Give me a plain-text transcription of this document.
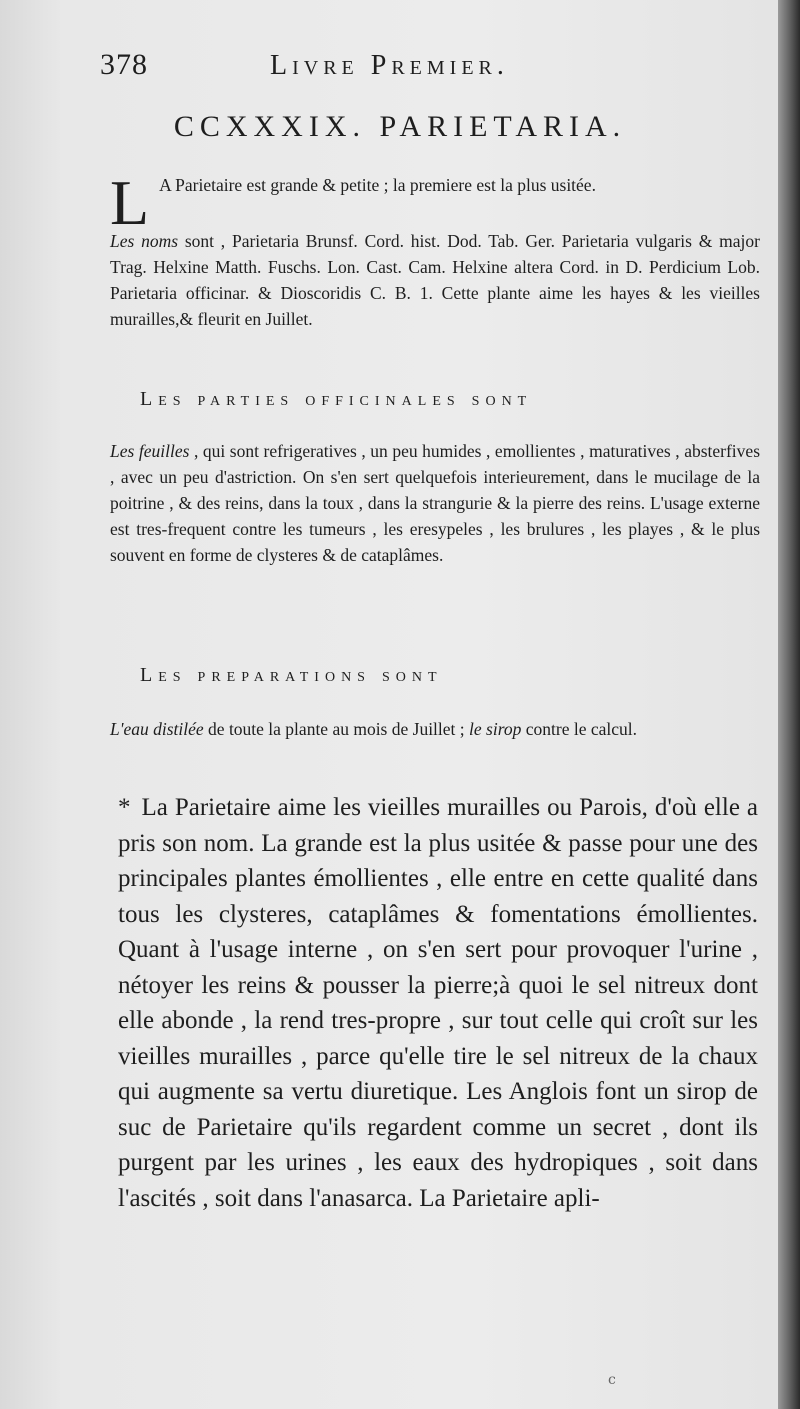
378	Livre Premier.
CCXXXIX. PARIETARIA.
L A Parietaire est grande & petite ; la premiere est la plus usitée.
Les noms sont , Parietaria Brunsf. Cord. hist. Dod. Tab. Ger. Parietaria vulgaris & major Trag. Helxine Matth. Fuschs. Lon. Cast. Cam. Helxine altera Cord. in D. Perdicium Lob. Parietaria officinar. & Dioscoridis C. B. 1. Cette plante aime les hayes & les vieilles murailles,& fleurit en Juillet.
Les parties officinales sont
Les feuilles , qui sont refrigeratives , un peu humides , emollientes , maturatives , absterfives , avec un peu d'astriction. On s'en sert quelquefois interieurement, dans le mucilage de la poitrine , & des reins, dans la toux , dans la strangurie & la pierre des reins. L'usage externe est tres-frequent contre les tumeurs , les eresypeles , les brulures , les playes , & le plus souvent en forme de clysteres & de cataplâmes.
Les preparations sont
L'eau distilée de toute la plante au mois de Juillet ; le sirop contre le calcul.
* La Parietaire aime les vieilles murailles ou Parois, d'où elle a pris son nom. La grande est la plus usitée & passe pour une des principales plantes émollientes , elle entre en cette qualité dans tous les clysteres, cataplâmes & fomentations émollientes. Quant à l'usage interne , on s'en sert pour provoquer l'urine , nétoyer les reins & pousser la pierre;à quoi le sel nitreux dont elle abonde , la rend tres-propre , sur tout celle qui croît sur les vieilles murailles , parce qu'elle tire le sel nitreux de la chaux qui augmente sa vertu diuretique. Les Anglois font un sirop de suc de Parietaire qu'ils regardent comme un secret , dont ils purgent par les urines , les eaux des hydropiques , soit dans l'ascités , soit dans l'anasarca. La Parietaire apli-
c
